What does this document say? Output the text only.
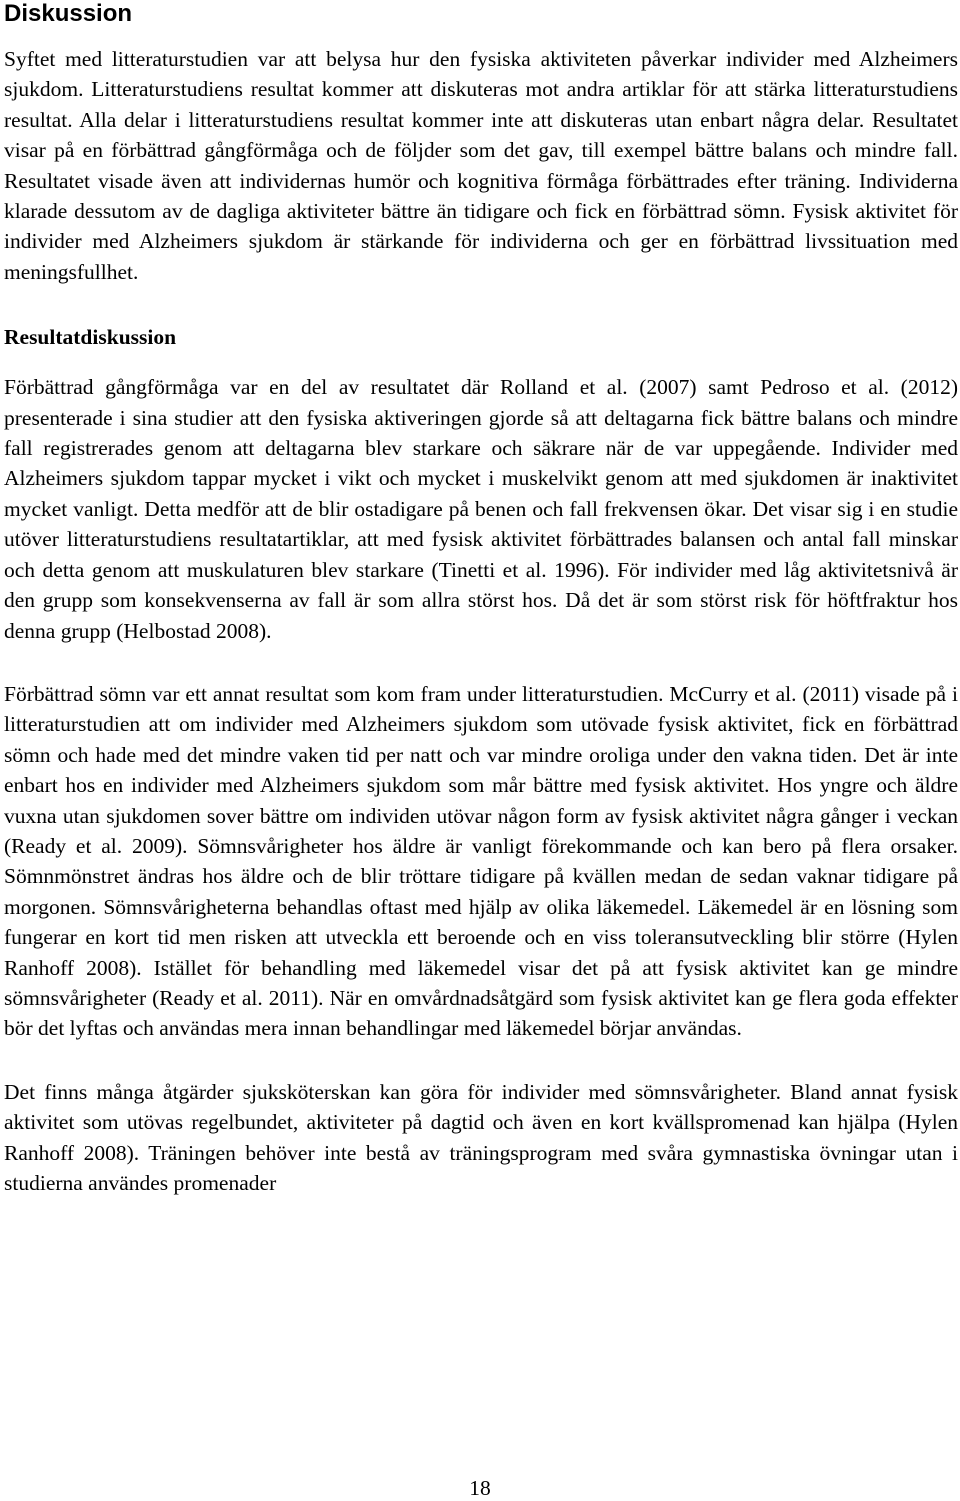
Diskussion

Syftet med litteraturstudien var att belysa hur den fysiska aktiviteten påverkar individer med Alzheimers sjukdom. Litteraturstudiens resultat kommer att diskuteras mot andra artiklar för att stärka litteraturstudiens resultat. Alla delar i litteraturstudiens resultat kommer inte att diskuteras utan enbart några delar. Resultatet visar på en förbättrad gångförmåga och de följder som det gav, till exempel bättre balans och mindre fall. Resultatet visade även att individernas humör och kognitiva förmåga förbättrades efter träning. Individerna klarade dessutom av de dagliga aktiviteter bättre än tidigare och fick en förbättrad sömn. Fysisk aktivitet för individer med Alzheimers sjukdom är stärkande för individerna och ger en förbättrad livssituation med meningsfullhet.

Resultatdiskussion

Förbättrad gångförmåga var en del av resultatet där Rolland et al. (2007) samt Pedroso et al. (2012) presenterade i sina studier att den fysiska aktiveringen gjorde så att deltagarna fick bättre balans och mindre fall registrerades genom att deltagarna blev starkare och säkrare när de var uppegående. Individer med Alzheimers sjukdom tappar mycket i vikt och mycket i muskelvikt genom att med sjukdomen är inaktivitet mycket vanligt. Detta medför att de blir ostadigare på benen och fall frekvensen ökar. Det visar sig i en studie utöver litteraturstudiens resultatartiklar, att med fysisk aktivitet förbättrades balansen och antal fall minskar och detta genom att muskulaturen blev starkare (Tinetti et al. 1996). För individer med låg aktivitetsnivå är den grupp som konsekvenserna av fall är som allra störst hos. Då det är som störst risk för höftfraktur hos denna grupp (Helbostad 2008).

Förbättrad sömn var ett annat resultat som kom fram under litteraturstudien. McCurry et al. (2011) visade på i litteraturstudien att om individer med Alzheimers sjukdom som utövade fysisk aktivitet, fick en förbättrad sömn och hade med det mindre vaken tid per natt och var mindre oroliga under den vakna tiden. Det är inte enbart hos en individer med Alzheimers sjukdom som mår bättre med fysisk aktivitet. Hos yngre och äldre vuxna utan sjukdomen sover bättre om individen utövar någon form av fysisk aktivitet några gånger i veckan (Ready et al. 2009). Sömnsvårigheter hos äldre är vanligt förekommande och kan bero på flera orsaker. Sömnmönstret ändras hos äldre och de blir tröttare tidigare på kvällen medan de sedan vaknar tidigare på morgonen. Sömnsvårigheterna behandlas oftast med hjälp av olika läkemedel. Läkemedel är en lösning som fungerar en kort tid men risken att utveckla ett beroende och en viss toleransutveckling blir större (Hylen Ranhoff 2008). Istället för behandling med läkemedel visar det på att fysisk aktivitet kan ge mindre sömnsvårigheter (Ready et al. 2011). När en omvårdnadsåtgärd som fysisk aktivitet kan ge flera goda effekter bör det lyftas och användas mera innan behandlingar med läkemedel börjar användas.

Det finns många åtgärder sjuksköterskan kan göra för individer med sömnsvårigheter. Bland annat fysisk aktivitet som utövas regelbundet, aktiviteter på dagtid och även en kort kvällspromenad kan hjälpa (Hylen Ranhoff 2008). Träningen behöver inte bestå av träningsprogram med svåra gymnastiska övningar utan i studierna användes promenader

18
